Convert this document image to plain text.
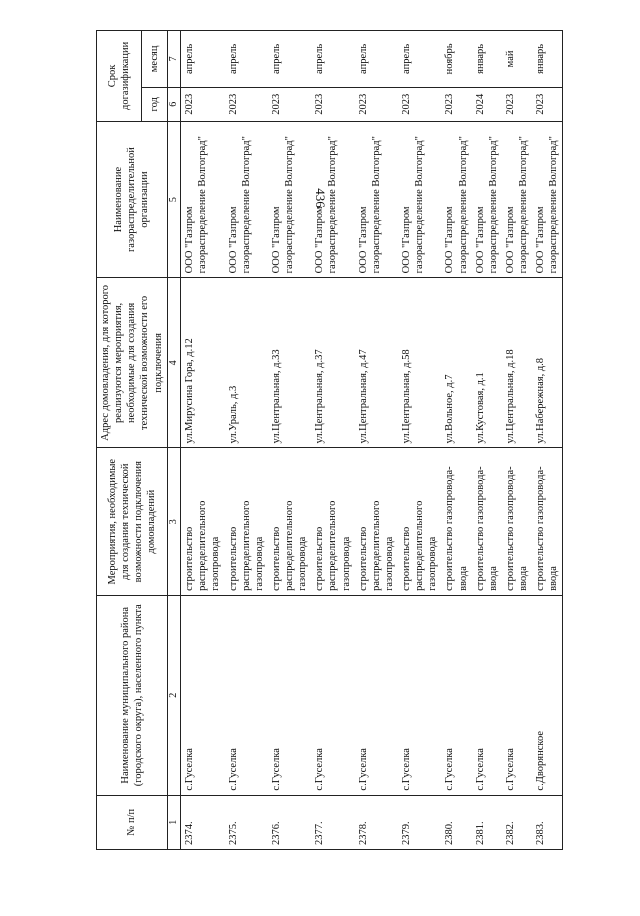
436
№ п/п	Наименование муниципального района (городского округа), населенного пункта	Мероприятия, необходимые для создания технической возможности подключения домовладений	Адрес домовладения, для которого реализуются мероприятия, необходимые для создания технической возможности его подключения	Наименование газораспределительной организации	Срок догазификации	
					год	месяц
1	2	3	4	5	6	7
2374.	с.Гуселка	строительство распределительного газопровода	ул.Мирусина Гора, д.12	ООО "Газпром газораспределение Волгоград"	2023	апрель
2375.	с.Гуселка	строительство распределительного газопровода	ул.Ураль, д.3	ООО "Газпром газораспределение Волгоград"	2023	апрель
2376.	с.Гуселка	строительство распределительного газопровода	ул.Центральная, д.33	ООО "Газпром газораспределение Волгоград"	2023	апрель
2377.	с.Гуселка	строительство распределительного газопровода	ул.Центральная, д.37	ООО "Газпром газораспределение Волгоград"	2023	апрель
2378.	с.Гуселка	строительство распределительного газопровода	ул.Центральная, д.47	ООО "Газпром газораспределение Волгоград"	2023	апрель
2379.	с.Гуселка	строительство распределительного газопровода	ул.Центральная, д.58	ООО "Газпром газораспределение Волгоград"	2023	апрель
2380.	с.Гуселка	строительство газопровода-ввода	ул.Вольное, д.7	ООО "Газпром газораспределение Волгоград"	2023	ноябрь
2381.	с.Гуселка	строительство газопровода-ввода	ул.Кустовая, д.1	ООО "Газпром газораспределение Волгоград"	2024	январь
2382.	с.Гуселка	строительство газопровода-ввода	ул.Центральная, д.18	ООО "Газпром газораспределение Волгоград"	2023	май
2383.	с.Дворянское	строительство газопровода-ввода	ул.Набережная, д.8	ООО "Газпром газораспределение Волгоград"	2023	январь
